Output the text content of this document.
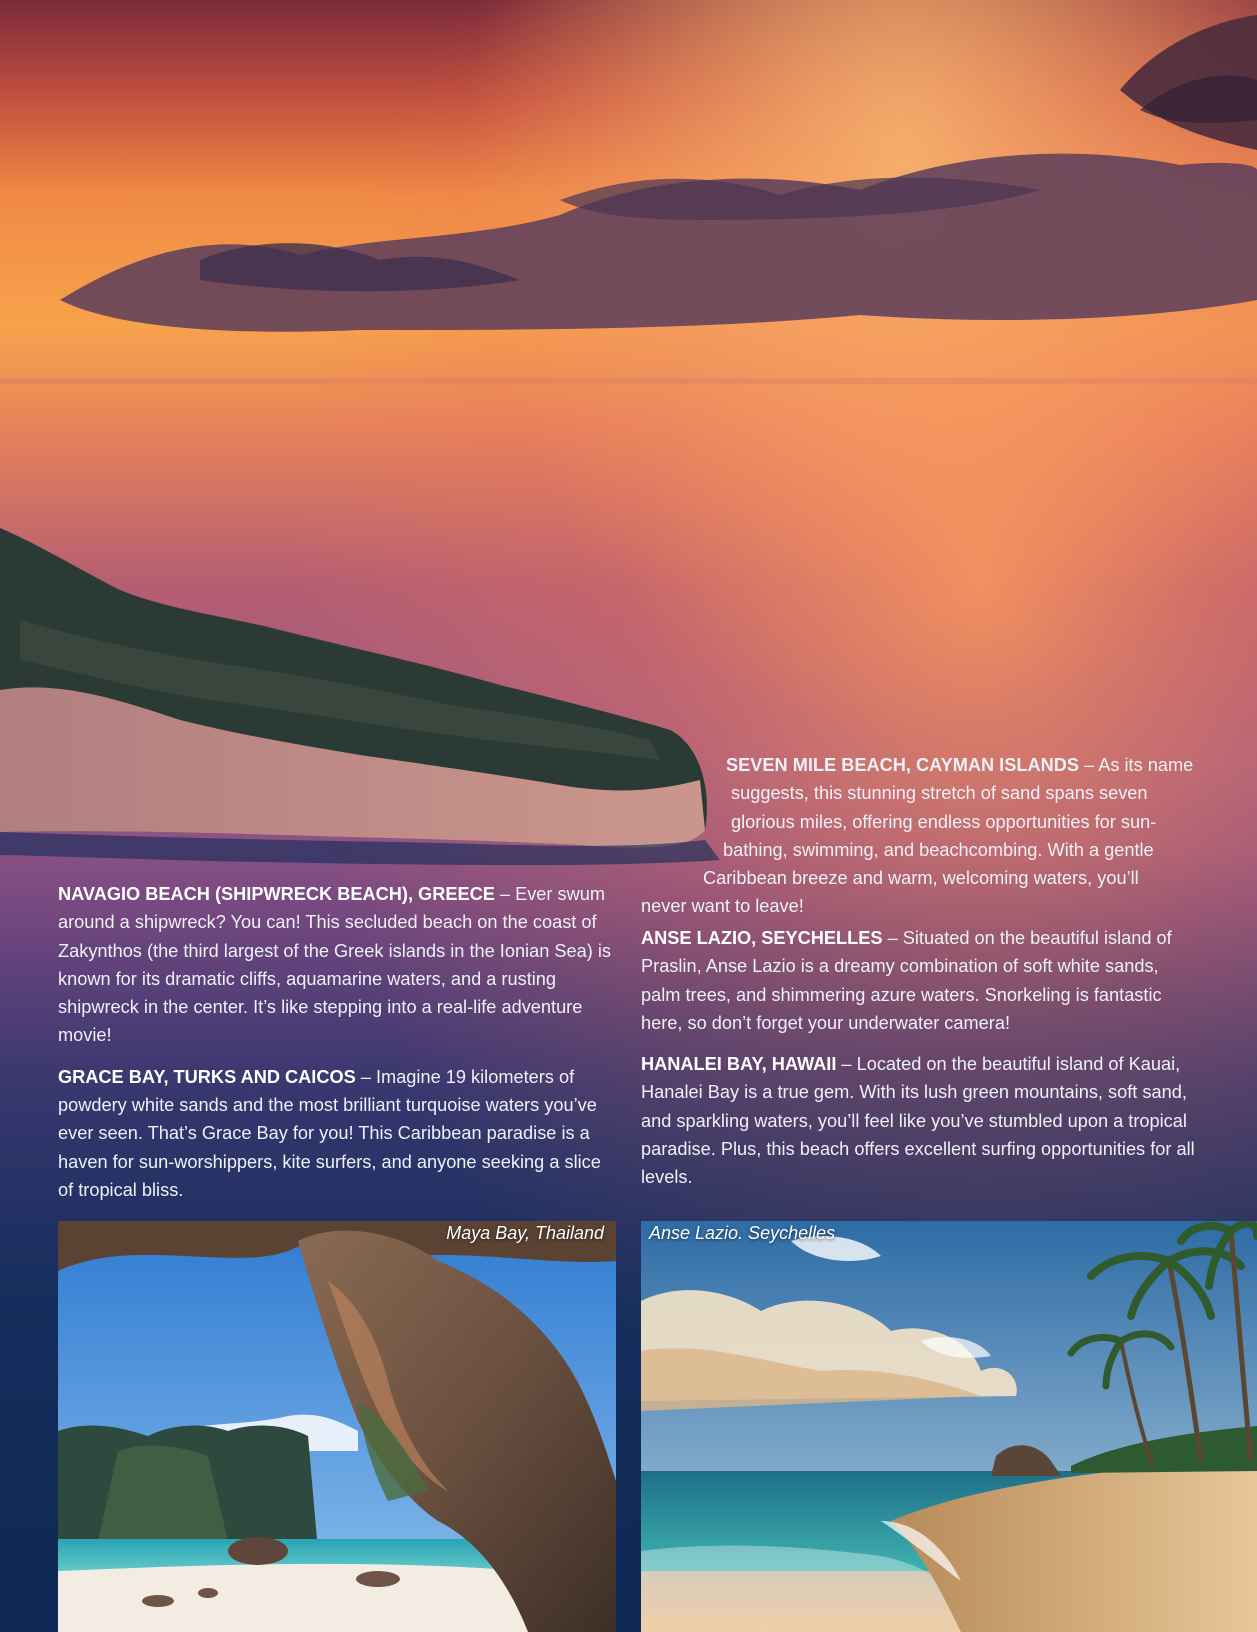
SEVEN MILE BEACH, CAYMAN ISLANDS – As its name
suggests, this stunning stretch of sand spans seven
glorious miles, offering endless opportunities for sun-
bathing, swimming, and beachcombing. With a gentle
Caribbean breeze and warm, welcoming waters, you’ll
never want to leave!

NAVAGIO BEACH (SHIPWRECK BEACH), GREECE – Ever swum around a shipwreck? You can! This secluded beach on the coast of Zakynthos (the third largest of the Greek islands in the Ionian Sea) is known for its dramatic cliffs, aquamarine waters, and a rusting shipwreck in the center. It’s like stepping into a real-life adventure movie!

GRACE BAY, TURKS AND CAICOS – Imagine 19 kilometers of powdery white sands and the most brilliant turquoise waters you’ve ever seen. That’s Grace Bay for you! This Caribbean paradise is a haven for sun-worshippers, kite surfers, and anyone seeking a slice of tropical bliss.

ANSE LAZIO, SEYCHELLES – Situated on the beautiful island of Praslin, Anse Lazio is a dreamy combination of soft white sands, palm trees, and shimmering azure waters. Snorkeling is fantastic here, so don’t forget your underwater camera!

HANALEI BAY, HAWAII – Located on the beautiful island of Kauai, Hanalei Bay is a true gem. With its lush green mountains, soft sand, and sparkling waters, you’ll feel like you’ve stumbled upon a tropical paradise. Plus, this beach offers excellent surfing opportunities for all levels.

Maya Bay, Thailand	Anse Lazio. Seychelles
